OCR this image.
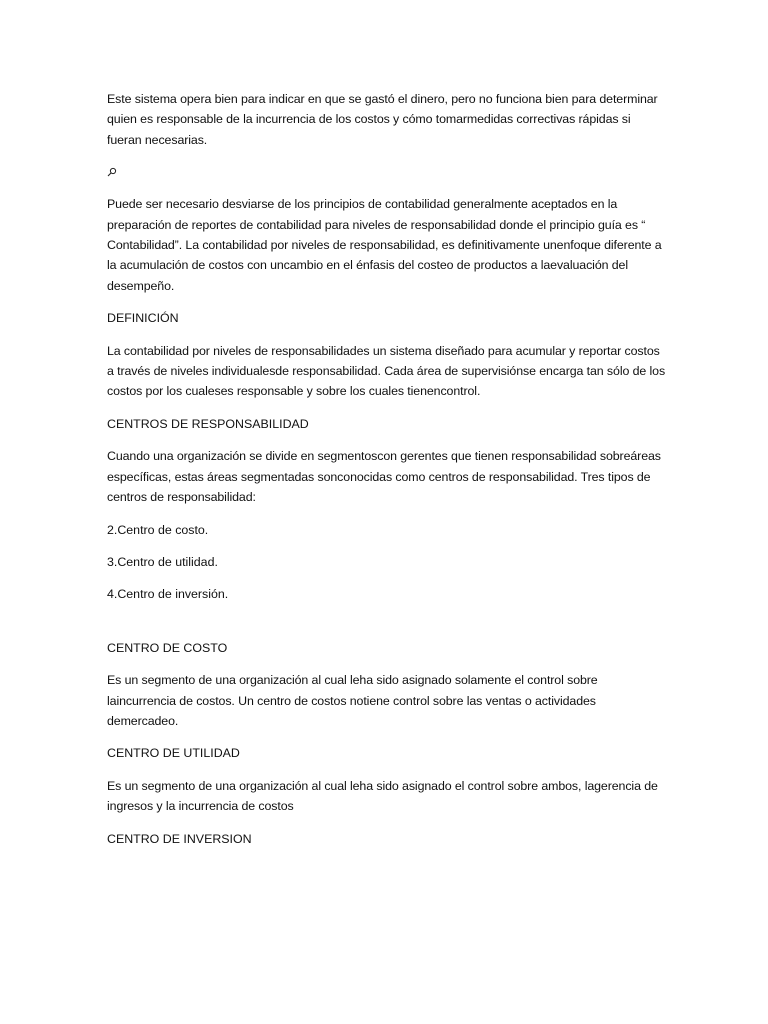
Este sistema opera bien para indicar en que se gastó el dinero, pero no funciona bien para determinar quien es responsable de la incurrencia de los costos y cómo tomarmedidas correctivas rápidas si fueran necesarias.

Puede ser necesario desviarse de los principios de contabilidad generalmente aceptados en la preparación de reportes de contabilidad para niveles de responsabilidad donde el principio guía es “ Contabilidad”. La contabilidad por niveles de responsabilidad, es definitivamente unenfoque diferente a la acumulación de costos con uncambio en el énfasis del costeo de productos a laevaluación del desempeño.

DEFINICIÓN

La contabilidad por niveles de responsabilidades un sistema diseñado para acumular y reportar costos a través de niveles individualesde responsabilidad. Cada área de supervisiónse encarga tan sólo de los costos por los cualeses responsable y sobre los cuales tienencontrol.

CENTROS DE RESPONSABILIDAD

Cuando una organización se divide en segmentoscon gerentes que tienen responsabilidad sobreáreas específicas, estas áreas segmentadas sonconocidas como centros de responsabilidad. Tres tipos de centros de responsabilidad:

2.Centro de costo.

3.Centro de utilidad.

4.Centro de inversión.

CENTRO DE COSTO

Es un segmento de una organización al cual leha sido asignado solamente el control sobre laincurrencia de costos. Un centro de costos notiene control sobre las ventas o actividades demercadeo.

CENTRO DE UTILIDAD

Es un segmento de una organización al cual leha sido asignado el control sobre ambos, lagerencia de ingresos y la incurrencia de costos

CENTRO DE INVERSION
